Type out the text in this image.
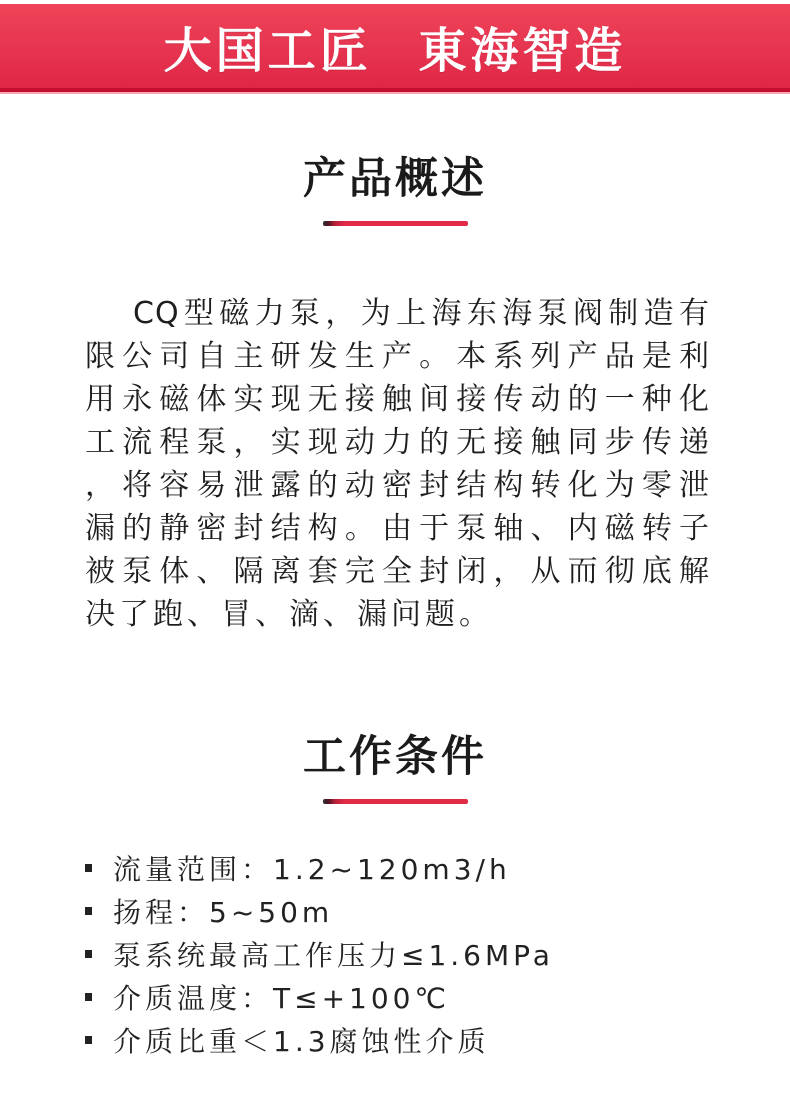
大国工匠 東海智造
产品概述
CQ型磁力泵，为上海东海泵阀制造有
限公司自主研发生产。本系列产品是利
用永磁体实现无接触间接传动的一种化
工流程泵，实现动力的无接触同步传递
，将容易泄露的动密封结构转化为零泄
漏的静密封结构。由于泵轴、内磁转子
被泵体、隔离套完全封闭，从而彻底解
决了跑、冒、滴、漏问题。
工作条件
流量范围：1.2~120m3/h
扬程：5~50m
泵系统最高工作压力≤1.6MPa
介质温度：T≤+100℃
介质比重＜1.3腐蚀性介质
